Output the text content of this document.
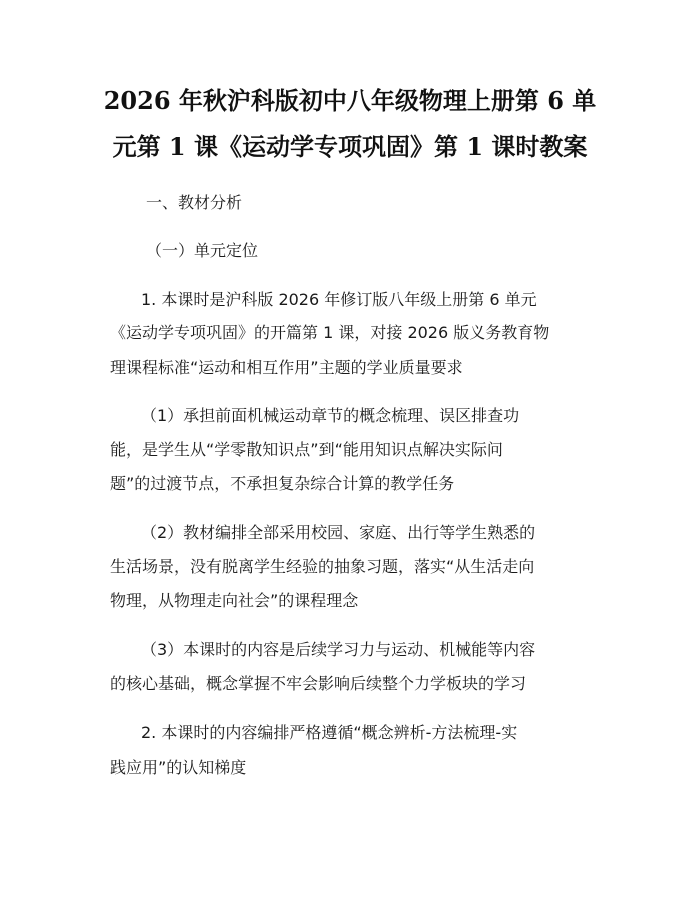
2026 年秋沪科版初中八年级物理上册第 6 单
元第 1 课《运动学专项巩固》第 1 课时教案
一、教材分析
（一）单元定位
1. 本课时是沪科版 2026 年修订版八年级上册第 6 单元
《运动学专项巩固》的开篇第 1 课，对接 2026 版义务教育物
理课程标准“运动和相互作用”主题的学业质量要求
（1）承担前面机械运动章节的概念梳理、误区排查功
能，是学生从“学零散知识点”到“能用知识点解决实际问
题”的过渡节点，不承担复杂综合计算的教学任务
（2）教材编排全部采用校园、家庭、出行等学生熟悉的
生活场景，没有脱离学生经验的抽象习题，落实“从生活走向
物理，从物理走向社会”的课程理念
（3）本课时的内容是后续学习力与运动、机械能等内容
的核心基础，概念掌握不牢会影响后续整个力学板块的学习
2. 本课时的内容编排严格遵循“概念辨析-方法梳理-实
践应用”的认知梯度
